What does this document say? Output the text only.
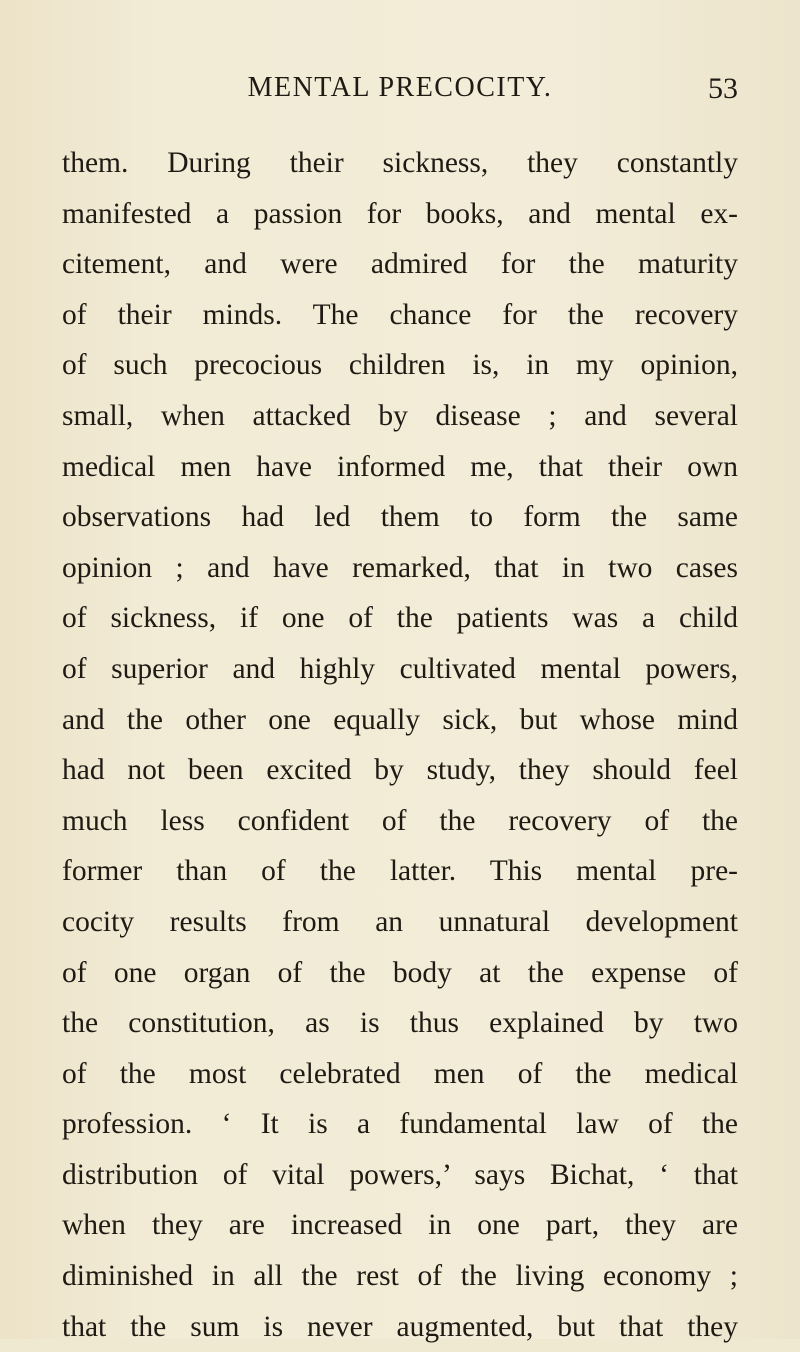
MENTAL PRECOCITY.	53
them. During their sickness, they constantly
manifested a passion for books, and mental ex-
citement, and were admired for the maturity
of their minds. The chance for the recovery
of such precocious children is, in my opinion,
small, when attacked by disease ; and several
medical men have informed me, that their own
observations had led them to form the same
opinion ; and have remarked, that in two cases
of sickness, if one of the patients was a child
of superior and highly cultivated mental powers,
and the other one equally sick, but whose mind
had not been excited by study, they should feel
much less confident of the recovery of the
former than of the latter. This mental pre-
cocity results from an unnatural development
of one organ of the body at the expense of
the constitution, as is thus explained by two
of the most celebrated men of the medical
profession. ‘ It is a fundamental law of the
distribution of vital powers,’ says Bichat, ‘ that
when they are increased in one part, they are
diminished in all the rest of the living economy ;
that the sum is never augmented, but that they
